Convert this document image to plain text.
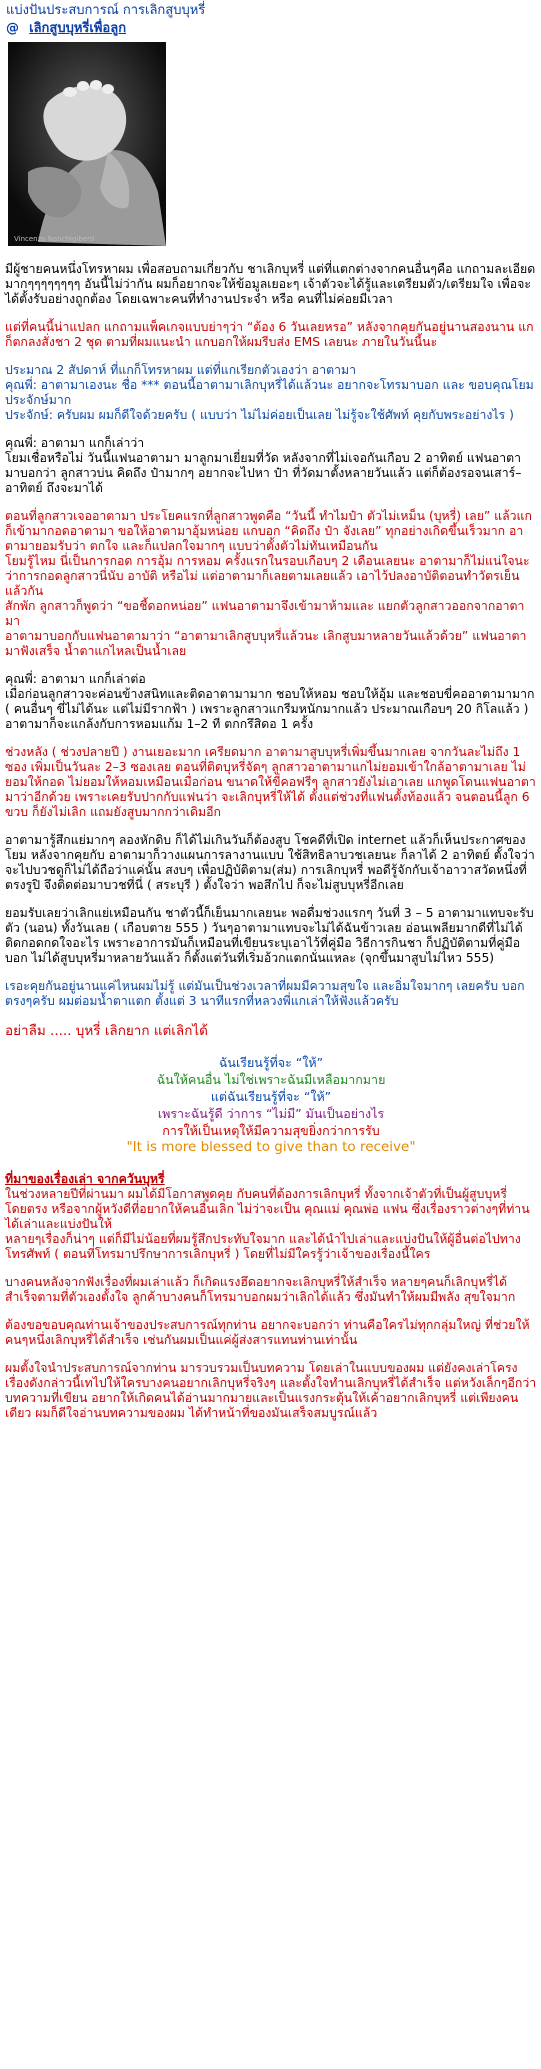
แบ่งปันประสบการณ์ การเลิกสูบบุหรี่
@ เลิกสูบบุหรี่เพื่อลูก
Vincenzo Nanchigiberti

มีผู้ชายคนหนึ่งโทรหาผม เพื่อสอบถามเกี่ยวกับ ชาเลิกบุหรี่ แต่ที่แตกต่างจากคนอื่นๆคือ แกถามละเอียดมากๆๆๆๆๆๆๆๆ อันนี้ไม่ว่ากัน ผมก็อยากจะให้ข้อมูลเยอะๆ เจ้าตัวจะได้รู้และเตรียมตัว/เตรียมใจ เพื่อจะได้ตั้งรับอย่างถูกต้อง โดยเฉพาะคนที่ทำงานประจำ หรือ คนที่ไม่ค่อยมีเวลา

แต่ที่คนนี้น่าแปลก แกถามแพ็คเกจแบบย่าๆว่า “ต้อง 6 วันเลยหรอ” หลังจากคุยกันอยู่นานสองนาน แกก็ตกลงสั่งชา 2 ชุด ตามที่ผมแนะนำ แกบอกให้ผมรีบส่ง EMS เลยนะ ภายในวันนี้นะ

ประมาณ 2 สัปดาห์ ที่แกก็โทรหาผม แต่ที่แกเรียกตัวเองว่า อาตามา
คุณพี่: อาตามาเองนะ ชื่อ *** ตอนนี้อาตามาเลิกบุหรี่ได้แล้วนะ อยากจะโทรมาบอก และ ขอบคุณโยมประจักษ์มาก
ประจักษ์: ครับผม ผมก็ดีใจด้วยครับ ( แบบว่า ไม่ไม่ค่อยเป็นเลย ไม่รู้จะใช้ศัพท์ คุยกับพระอย่างไร )

คุณพี่: อาตามา แกก็เล่าว่า
โยมเชื่อหรือไม่ วันนี้แฟนอาตามา มาลูกมาเยี่ยมที่วัด หลังจากที่ไม่เจอกันเกือบ 2 อาทิตย์ แฟนอาตามาบอกว่า ลูกสาวบ่น คิดถึง ป๋ามากๆ อยากจะไปหา ป๋า ที่วัดมาตั้งหลายวันแล้ว แต่ก็ต้องรอจนเสาร์–อาทิตย์ ถึงจะมาได้

ตอนที่ลูกสาวเจออาตามา ประโยคแรกที่ลูกสาวพูดคือ “วันนี้ ทำไมป๋า ตัวไม่เหม็น (บุหรี่) เลย” แล้วแกก็เข้ามากอดอาตามา ขอให้อาตามาอุ้มหน่อย แกบอก “คิดถึง ป๋า จังเลย” ทุกอย่างเกิดขึ้นเร็วมาก อาตามายอมรับว่า ตกใจ และก็แปลกใจมากๆ แบบว่าตั้งตัวไม่ทันเหมือนกัน
โยมรู้ไหม นี่เป็นการกอด การอุ้ม การหอม ครั้งแรกในรอบเกือบๆ 2 เดือนเลยนะ อาตามาก็ไม่แน่ใจนะ ว่าการกอดลูกสาวนี่นับ อาบัติ หรือไม่ แต่อาตามาก็เลยตามเลยแล้ว เอาไว้ปลงอาบัติตอนทำวัตรเย็นแล้วกัน
สักพัก ลูกสาวก็พูดว่า “ขอชี้ดอกหน่อย” แฟนอาตามาจึงเข้ามาห้ามและ แยกตัวลูกสาวออกจากอาตามา
อาตามาบอกกับแฟนอาตามาว่า “อาตามาเลิกสูบบุหรี่แล้วนะ เลิกสูบมาหลายวันแล้วด้วย” แฟนอาตามาฟังเสร็จ น้ำตาแกไหลเป็นน้ำเลย

คุณพี่: อาตามา แกก็เล่าต่อ
เมื่อก่อนลูกสาวจะค่อนข้างสนิทและติดอาตามามาก ชอบให้หอม ชอบให้อุ้ม และชอบขี่คออาตามามาก ( คนอื่นๆ ขี่ไม่ได้นะ แต่ไม่มีรากฟ้า ) เพราะลูกสาวแกรีมหนักมากแล้ว ประมาณเกือบๆ 20 กิโลแล้ว ) อาตามาก็จะแกล้งกับการหอมแก้ม 1–2 ที ตกกรึสิดอ 1 ครั้ง

ช่วงหลัง ( ช่วงปลายปี ) งานเยอะมาก เครียดมาก อาตามาสูบบุหรี่เพิ่มขึ้นมากเลย จากวันละไม่ถึง 1 ซอง เพิ่มเป็นวันละ 2–3 ซองเลย ตอนที่ติดบุหรี่จัดๆ ลูกสาวอาตามาแกไม่ยอมเข้าใกล้อาตามาเลย ไม่ยอมให้กอด ไม่ยอมให้หอมเหมือนเมื่อก่อน ขนาดให้ขี่คอฟรีๆ ลูกสาวยังไม่เอาเลย แกพูดโดนแฟนอาตามาว่าอีกด้วย เพราะเคยรับปากกับแฟนว่า จะเลิกบุหรี่ให้ได้ ตั้งแต่ช่วงที่แฟนตั้งท้องแล้ว จนตอนนี้ลูก 6 ขวบ ก็ยังไม่เลิก แถมยังสูบมากกว่าเดิมอีก

อาตามารู้สึกแย่มากๆ ลองหักดิบ ก็ได้ไม่เกินวันก็ต้องสูบ โชคดีที่เปิด internet แล้วก็เห็นประกาศของโยม หลังจากคุยกับ อาตามาก็วางแผนการลางานแบบ ใช้สิทธิลาบวชเลยนะ ก็ลาได้ 2 อาทิตย์ ตั้งใจว่าจะไปบวชดูก็ไม่ได้ถือว่าแค่นั้น สงบๆ เพื่อปฏิบัติตาม(ส่ม) การเลิกบุหรี่ พอดีรู้จักกับเจ้าอาวาสวัดหนึ่งที่ตรงรูปิ จึงติดต่อมาบวชที่นี่ ( สระบุรี ) ตั้งใจว่า พอสึกไป ก็จะไม่สูบบุหรี่อีกเลย

ยอมรับเลยว่าเลิกแย่เหมือนกัน ชาตัวนี้ก็เย็นมากเลยนะ พอดื่มช่วงแรกๆ วันที่ 3 – 5 อาตามาแทบจะรับตัว (นอน) ทั้งวันเลย ( เกือบตาย 555 ) วันๆอาตามาแทบจะไม่ได้ฉันข้าวเลย อ่อนเพลียมากดีที่ไม่ได้ติดกอดกดใจอะไร เพราะอาการมันก็เหมือนที่เขียนระบุเอาไว้ที่คู่มือ วิธีการกินชา ก็ปฏิบัติตามที่คู่มือบอก ไม่ได้สูบบุหรี่มาหลายวันแล้ว ก็ตั้งแต่วันที่เริ่มอ้วกแตกนั่นแหละ (จุกขึ้นมาสูบไม่ไหว 555)

เรอะคุยกันอยู่นานแค่ไหนผมไม่รู้ แต่มันเป็นช่วงเวลาที่ผมมีความสุขใจ และอิ่มใจมากๆ เลยครับ บอกตรงๆครับ ผมต่อมน้ำตาแตก ตั้งแต่ 3 นาทีแรกที่หลวงพี่แกเล่าให้ฟังแล้วครับ

อย่าลืม ..... บุหรี่ เลิกยาก แต่เลิกได้

ฉันเรียนรู้ที่จะ “ให้”
ฉันให้คนอื่น ไม่ใช่เพราะฉันมีเหลือมากมาย
แต่ฉันเรียนรู้ที่จะ “ให้”
เพราะฉันรู้ดี ว่าการ “ไม่มี” มันเป็นอย่างไร
การให้เป็นเหตุให้มีความสุขยิ่งกว่าการรับ
"It is more blessed to give than to receive"

ที่มาของเรื่องเล่า จากควันบุหรี่

ในช่วงหลายปีที่ผ่านมา ผมได้มีโอกาสพูดคุย กับคนที่ต้องการเลิกบุหรี่ ทั้งจากเจ้าตัวที่เป็นผู้สูบบุหรี่โดยตรง หรือจากผู้หวังดีที่อยากให้คนอื่นเลิก ไม่ว่าจะเป็น คุณแม่ คุณพ่อ แฟน ซึ่งเรื่องราวต่างๆที่ท่านได้เล่าและแบ่งปันให้
หลายๆเรื่องก็น่าๆ แต่ก็มีไม่น้อยที่ผมรู้สึกประทับใจมาก และได้นำไปเล่าและแบ่งปันให้ผู้อื่นต่อไปทางโทรศัพท์ ( ตอนที่โทรมาปรึกษาการเลิกบุหรี่ ) โดยที่ไม่มีใครรู้ว่าเจ้าของเรื่องนี้ใคร

บางคนหลังจากฟังเรื่องที่ผมเล่าแล้ว ก็เกิดแรงฮึดอยากจะเลิกบุหรี่ให้สำเร็จ หลายๆคนก็เลิกบุหรี่ได้สำเร็จตามที่ตัวเองตั้งใจ ลูกค้าบางคนก็โทรมาบอกผมว่าเลิกได้แล้ว ซึ่งมันทำให้ผมมีพลัง สุขใจมาก

ต้องขอขอบคุณท่านเจ้าของประสบการณ์ทุกท่าน อยากจะบอกว่า ท่านคือใครไม่ทุกกลุ่มใหญ่ ที่ช่วยให้คนๆหนึ่งเลิกบุหรี่ได้สำเร็จ เช่นกันผมเป็นแค่ผู้ส่งสารแทนท่านเท่านั้น

ผมตั้งใจนำประสบการณ์จากท่าน มารวบรวมเป็นบทความ โดยเล่าในแบบของผม แต่ยังคงเล่าโครงเรื่องดังกล่าวนี้เทไปให้ใครบางคนอยากเลิกบุหรี่จริงๆ และตั้งใจทำนเลิกบุหรี่ได้สำเร็จ แต่หวังเล็กๆอีกว่า บทความที่เขียน อยากให้เกิดคนได้อ่านมากมายและเป็นแรงกระตุ้นให้เค้าอยากเลิกบุหรี่ แต่เพียงคนเดียว ผมก็ดีใจอ่านบทความของผม ได้ทำหน้าที่ของมันเสร็จสมบูรณ์แล้ว
